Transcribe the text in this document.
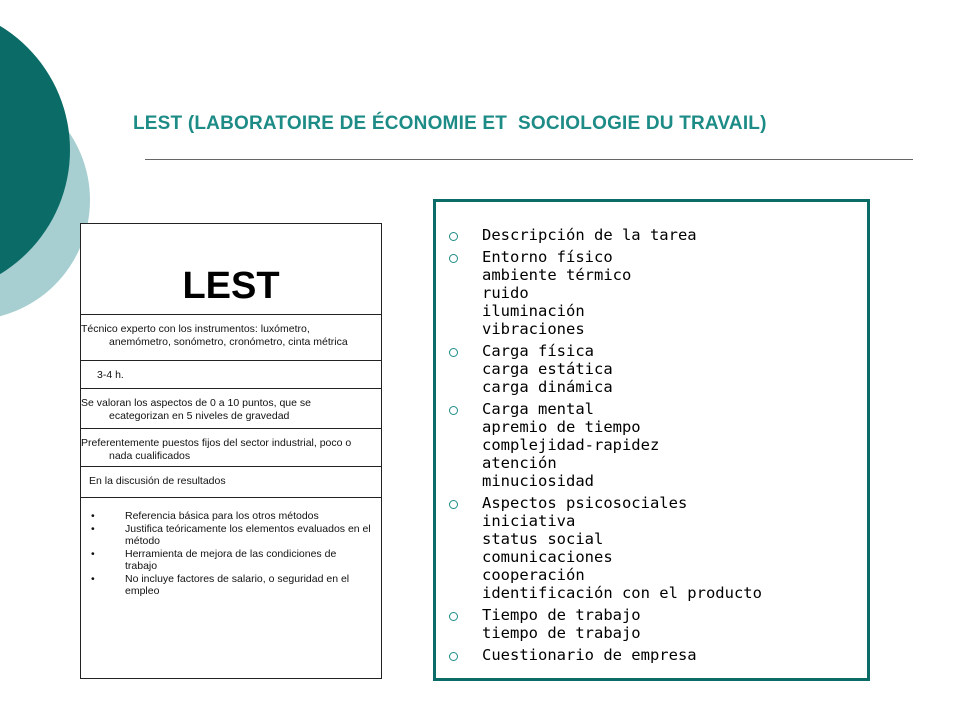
LEST (LABORATOIRE DE ÉCONOMIE ET  SOCIOLOGIE DU TRAVAIL)
LEST
Técnico experto con los instrumentos: luxómetro, anemómetro, sonómetro, cronómetro, cinta métrica
3-4 h.
Se valoran los aspectos de 0 a 10 puntos, que se ecategorizan en 5 niveles de gravedad
Preferentemente puestos fijos del sector industrial, poco o nada cualificados
En la discusión de resultados
• Referencia básica para los otros métodos
• Justifica teóricamente los elementos evaluados en el método
• Herramienta de mejora de las condiciones de trabajo
• No incluye factores de salario, o seguridad en el empleo
Descripción de la tarea
Entorno físico
ambiente térmico
ruido
iluminación
vibraciones
Carga física
carga estática
carga dinámica
Carga mental
apremio de tiempo
complejidad-rapidez
atención
minuciosidad
Aspectos psicosociales
iniciativa
status social
comunicaciones
cooperación
identificación con el producto
Tiempo de trabajo
tiempo de trabajo
Cuestionario de empresa
